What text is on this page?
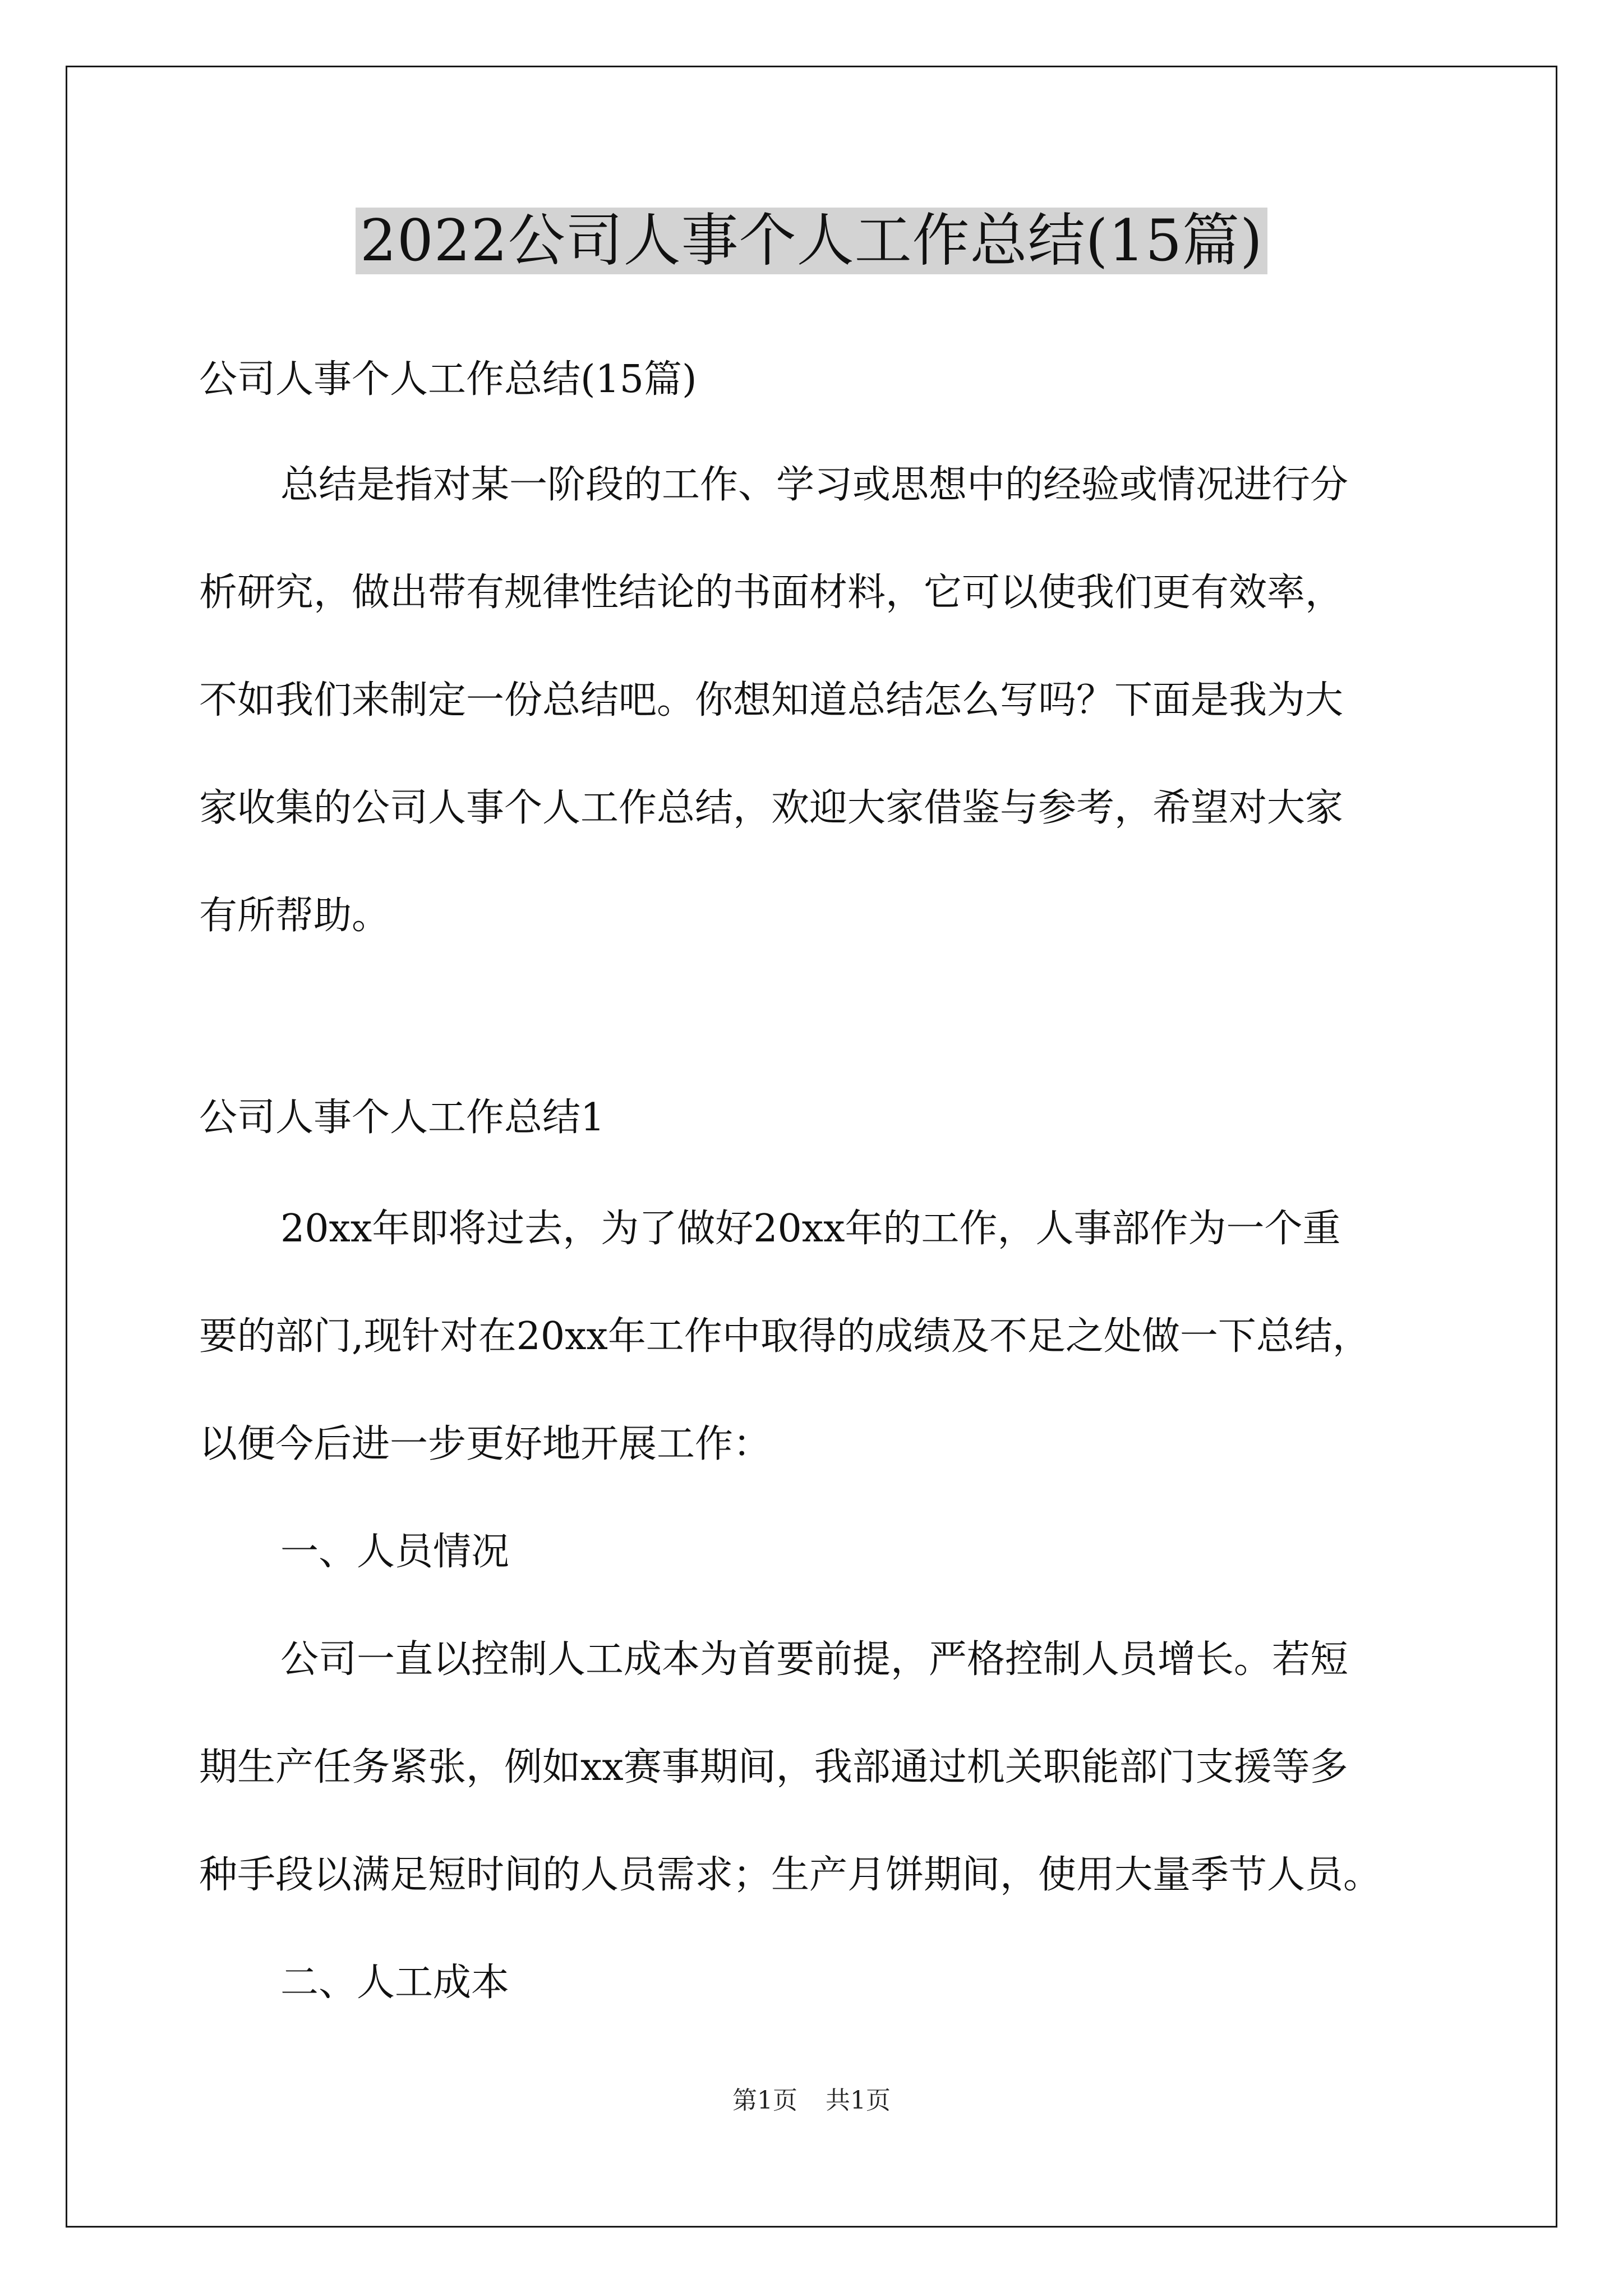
2022公司人事个人工作总结(15篇)
公司人事个人工作总结(15篇)
总结是指对某一阶段的工作、学习或思想中的经验或情况进行分
析研究，做出带有规律性结论的书面材料，它可以使我们更有效率，
不如我们来制定一份总结吧。你想知道总结怎么写吗？下面是我为大
家收集的公司人事个人工作总结，欢迎大家借鉴与参考，希望对大家
有所帮助。
公司人事个人工作总结1
20xx年即将过去，为了做好20xx年的工作，人事部作为一个重
要的部门,现针对在20xx年工作中取得的成绩及不足之处做一下总结，
以便今后进一步更好地开展工作：
一、人员情况
公司一直以控制人工成本为首要前提，严格控制人员增长。若短
期生产任务紧张，例如xx赛事期间，我部通过机关职能部门支援等多
种手段以满足短时间的人员需求；生产月饼期间，使用大量季节人员。
二、人工成本
第1页 共1页
